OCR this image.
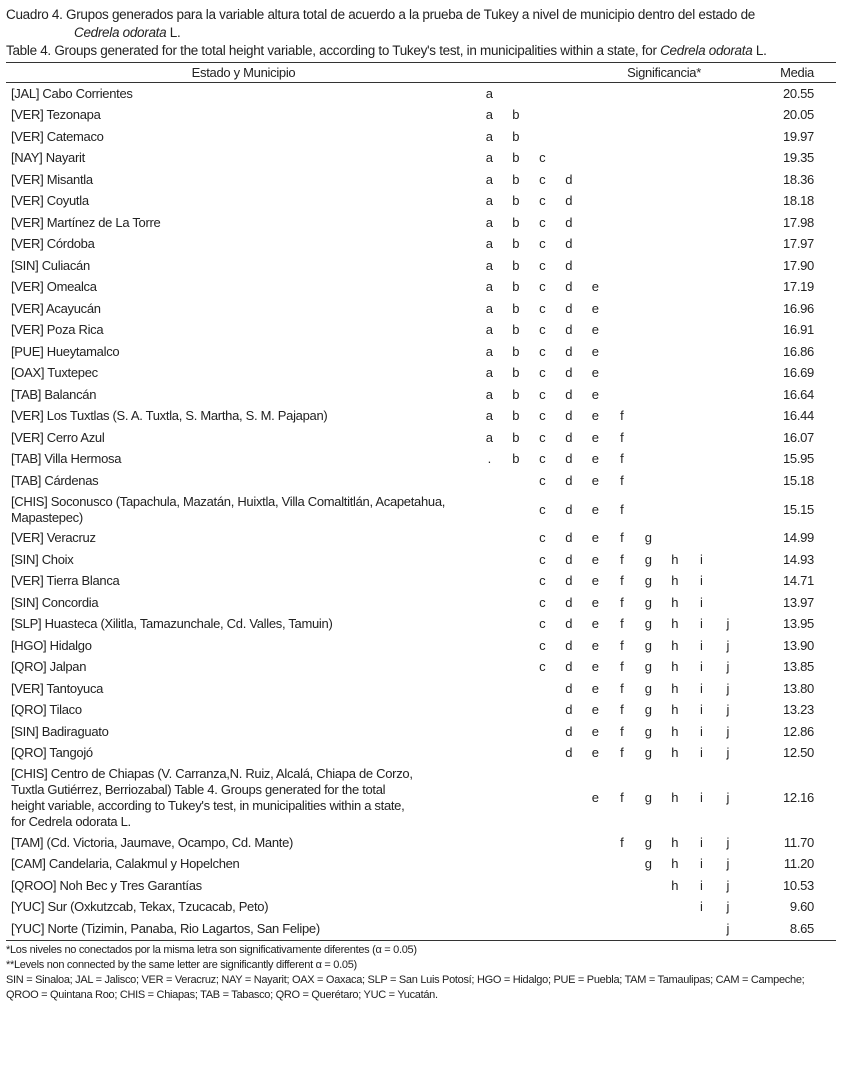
Cuadro 4. Grupos generados para la variable altura total de acuerdo a la prueba de Tukey a nivel de municipio dentro del estado de
Cedrela odorata L.
Table 4. Groups generated for the total height variable, according to Tukey's test, in municipalities within a state, for Cedrela odorata L.
Estado y Municipio	Significancia*										Media
[JAL] Cabo Corrientes	a										20.55
[VER] Tezonapa	a	b									20.05
[VER] Catemaco	a	b									19.97
[NAY] Nayarit	a	b	c								19.35
[VER] Misantla	a	b	c	d							18.36
[VER] Coyutla	a	b	c	d							18.18
[VER] Martínez de La Torre	a	b	c	d							17.98
[VER] Córdoba	a	b	c	d							17.97
[SIN] Culiacán	a	b	c	d							17.90
[VER] Omealca	a	b	c	d	e						17.19
[VER] Acayucán	a	b	c	d	e						16.96
[VER] Poza Rica	a	b	c	d	e						16.91
[PUE] Hueytamalco	a	b	c	d	e						16.86
[OAX] Tuxtepec	a	b	c	d	e						16.69
[TAB] Balancán	a	b	c	d	e						16.64
[VER] Los Tuxtlas (S. A. Tuxtla, S. Martha, S. M. Pajapan)	a	b	c	d	e	f					16.44
[VER] Cerro Azul	a	b	c	d	e	f					16.07
[TAB] Villa Hermosa	.	b	c	d	e	f					15.95
[TAB] Cárdenas			c	d	e	f					15.18
[CHIS] Soconusco (Tapachula, Mazatán, Huixtla, Villa Comaltitlán, Acapetahua, Mapastepec)			c	d	e	f					15.15
[VER] Veracruz			c	d	e	f	g				14.99
[SIN] Choix			c	d	e	f	g	h	i		14.93
[VER] Tierra Blanca			c	d	e	f	g	h	i		14.71
[SIN] Concordia			c	d	e	f	g	h	i		13.97
[SLP] Huasteca (Xilitla, Tamazunchale, Cd. Valles, Tamuin)			c	d	e	f	g	h	i	j	13.95
[HGO] Hidalgo			c	d	e	f	g	h	i	j	13.90
[QRO] Jalpan			c	d	e	f	g	h	i	j	13.85
[VER] Tantoyuca				d	e	f	g	h	i	j	13.80
[QRO] Tilaco				d	e	f	g	h	i	j	13.23
[SIN] Badiraguato				d	e	f	g	h	i	j	12.86
[QRO] Tangojó				d	e	f	g	h	i	j	12.50
[CHIS] Centro de Chiapas (V. Carranza,N. Ruiz, Alcalá, Chiapa de Corzo, Tuxtla Gutiérrez, Berriozabal) Table 4. Groups generated for the total height variable, according to Tukey's test, in municipalities within a state, for Cedrela odorata L.					e	f	g	h	i	j	12.16
[TAM] (Cd. Victoria, Jaumave, Ocampo, Cd. Mante)						f	g	h	i	j	11.70
[CAM] Candelaria, Calakmul y Hopelchen							g	h	i	j	11.20
[QROO] Noh Bec y Tres Garantías								h	i	j	10.53
[YUC] Sur (Oxkutzcab, Tekax, Tzucacab, Peto)									i	j	9.60
[YUC] Norte (Tizimin, Panaba, Rio Lagartos, San Felipe)										j	8.65
*Los niveles no conectados por la misma letra son significativamente diferentes (α = 0.05)
**Levels non connected by the same letter are significantly different α = 0.05)
SIN = Sinaloa; JAL = Jalisco; VER = Veracruz; NAY = Nayarit; OAX = Oaxaca; SLP = San Luis Potosí; HGO = Hidalgo; PUE = Puebla; TAM = Tamaulipas; CAM = Campeche; QROO = Quintana Roo; CHIS = Chiapas; TAB = Tabasco; QRO = Querétaro; YUC = Yucatán.
